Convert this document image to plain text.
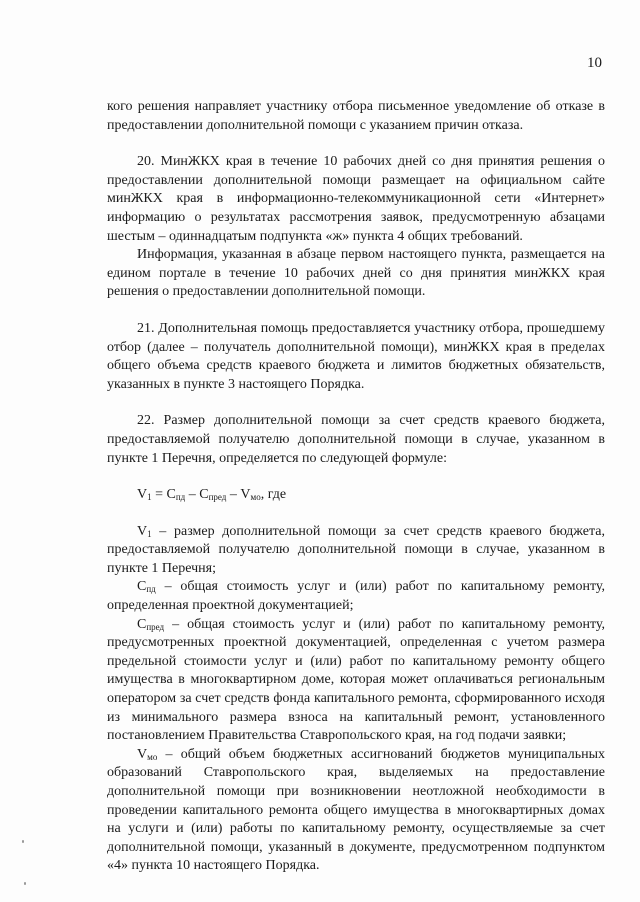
10

кого решения направляет участнику отбора письменное уведомление об отказе в предоставлении дополнительной помощи с указанием причин отказа.

20. МинЖКХ края в течение 10 рабочих дней со дня принятия решения о предоставлении дополнительной помощи размещает на официальном сайте минЖКХ края в информационно-телекоммуникационной сети «Интернет» информацию о результатах рассмотрения заявок, предусмотренную абзацами шестым – одиннадцатым подпункта «ж» пункта 4 общих требований.

Информация, указанная в абзаце первом настоящего пункта, размещается на едином портале в течение 10 рабочих дней со дня принятия минЖКХ края решения о предоставлении дополнительной помощи.

21. Дополнительная помощь предоставляется участнику отбора, прошедшему отбор (далее – получатель дополнительной помощи), минЖКХ края в пределах общего объема средств краевого бюджета и лимитов бюджетных обязательств, указанных в пункте 3 настоящего Порядка.

22. Размер дополнительной помощи за счет средств краевого бюджета, предоставляемой получателю дополнительной помощи в случае, указанном в пункте 1 Перечня, определяется по следующей формуле:

$V_1 = C_{пд} - C_{пред} - V_{мо}$, где

$V_1$ – размер дополнительной помощи за счет средств краевого бюджета, предоставляемой получателю дополнительной помощи в случае, указанном в пункте 1 Перечня;

$C_{пд}$ – общая стоимость услуг и (или) работ по капитальному ремонту, определенная проектной документацией;

$C_{пред}$ – общая стоимость услуг и (или) работ по капитальному ремонту, предусмотренных проектной документацией, определенная с учетом размера предельной стоимости услуг и (или) работ по капитальному ремонту общего имущества в многоквартирном доме, которая может оплачиваться региональным оператором за счет средств фонда капитального ремонта, сформированного исходя из минимального размера взноса на капитальный ремонт, установленного постановлением Правительства Ставропольского края, на год подачи заявки;

$V_{мо}$ – общий объем бюджетных ассигнований бюджетов муниципальных образований Ставропольского края, выделяемых на предоставление дополнительной помощи при возникновении неотложной необходимости в проведении капитального ремонта общего имущества в многоквартирных домах на услуги и (или) работы по капитальному ремонту, осуществляемые за счет дополнительной помощи, указанный в документе, предусмотренном подпунктом «4» пункта 10 настоящего Порядка.
